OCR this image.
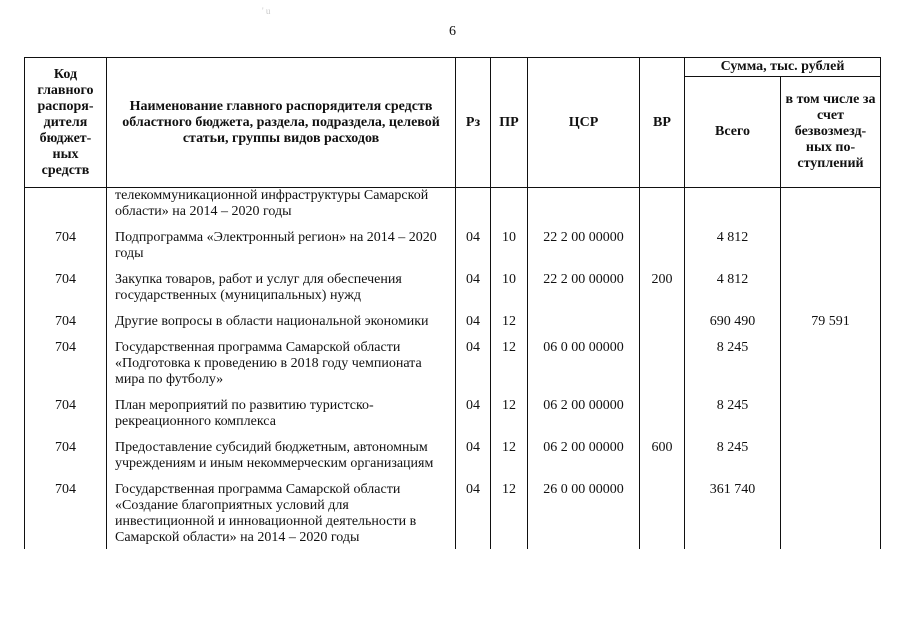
' u
6
Код главного распоря-дителя бюджет-ных средств	Наименование главного распорядителя средств областного бюджета, раздела, подраздела, целевой статьи, группы видов расходов	Рз	ПР	ЦСР	ВР	Сумма, тыс. рублей	
						Всего	в том числе за счет безвозмезд-ных по-ступлений
	телекоммуникационной инфраструктуры Самарской области» на 2014 – 2020 годы						
704	Подпрограмма «Электронный регион» на 2014 – 2020 годы	04	10	22 2 00 00000		4 812	
704	Закупка товаров, работ и услуг для обеспечения государственных (муниципальных) нужд	04	10	22 2 00 00000	200	4 812	
704	Другие вопросы в области национальной экономики	04	12			690 490	79 591
704	Государственная программа Самарской области «Подготовка к проведению в 2018 году чемпионата мира по футболу»	04	12	06 0 00 00000		8 245	
704	План мероприятий по развитию туристско-рекреационного комплекса	04	12	06 2 00 00000		8 245	
704	Предоставление субсидий бюджетным, автономным учреждениям и иным некоммерческим организациям	04	12	06 2 00 00000	600	8 245	
704	Государственная программа Самарской области «Создание благоприятных условий для инвестиционной и инновационной деятельности в Самарской области» на 2014 – 2020 годы	04	12	26 0 00 00000		361 740	
